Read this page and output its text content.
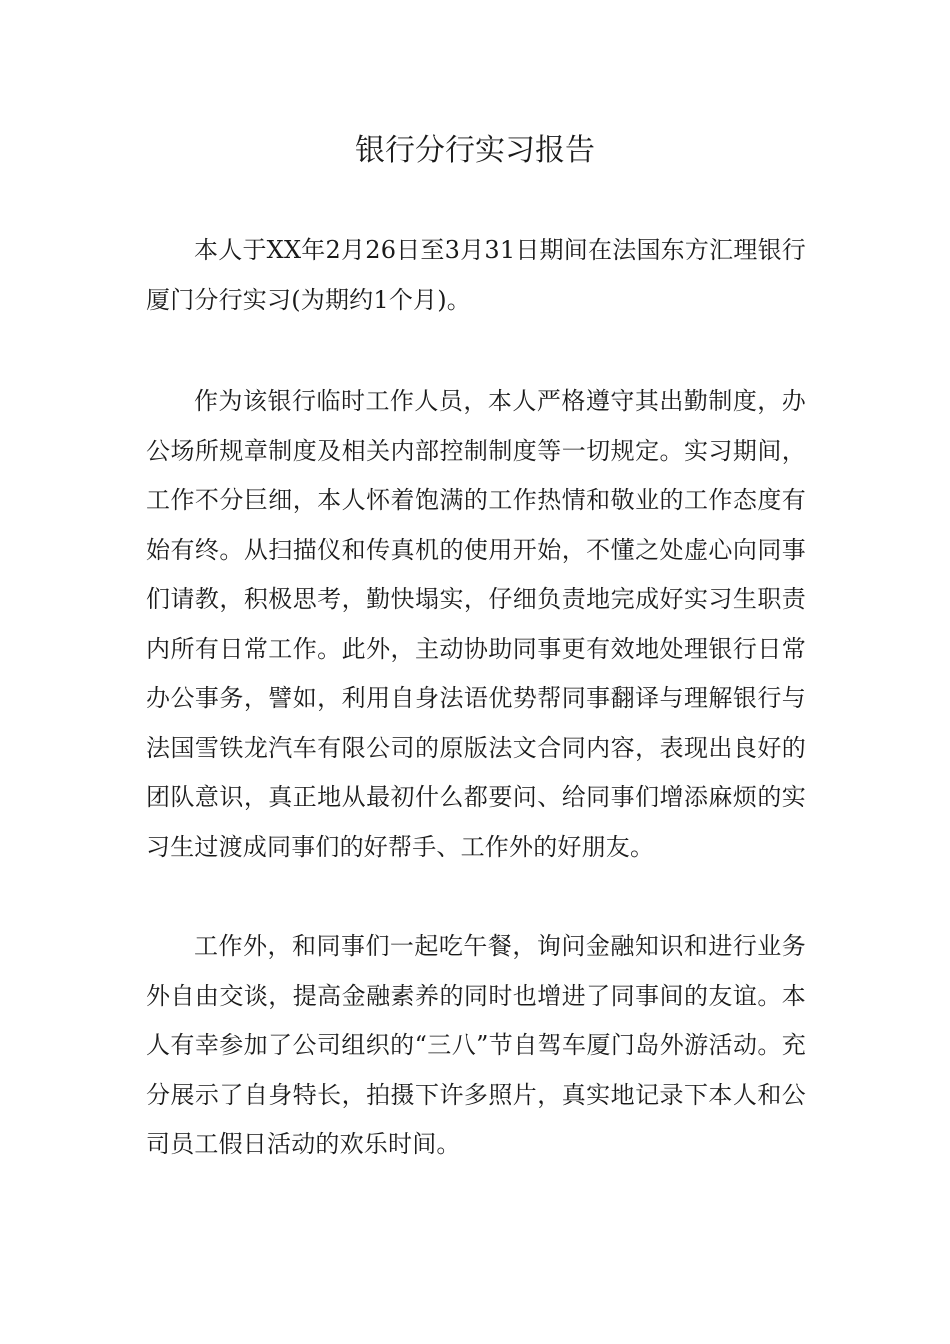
银行分行实习报告

本人于XX年2月26日至3月31日期间在法国东方汇理银行厦门分行实习(为期约1个月)。

作为该银行临时工作人员，本人严格遵守其出勤制度，办公场所规章制度及相关内部控制制度等一切规定。实习期间，工作不分巨细，本人怀着饱满的工作热情和敬业的工作态度有始有终。从扫描仪和传真机的使用开始，不懂之处虚心向同事们请教，积极思考，勤快塌实，仔细负责地完成好实习生职责内所有日常工作。此外，主动协助同事更有效地处理银行日常办公事务，譬如，利用自身法语优势帮同事翻译与理解银行与法国雪铁龙汽车有限公司的原版法文合同内容，表现出良好的团队意识，真正地从最初什么都要问、给同事们增添麻烦的实习生过渡成同事们的好帮手、工作外的好朋友。

工作外，和同事们一起吃午餐，询问金融知识和进行业务外自由交谈，提高金融素养的同时也增进了同事间的友谊。本人有幸参加了公司组织的“三八”节自驾车厦门岛外游活动。充分展示了自身特长，拍摄下许多照片，真实地记录下本人和公司员工假日活动的欢乐时间。
